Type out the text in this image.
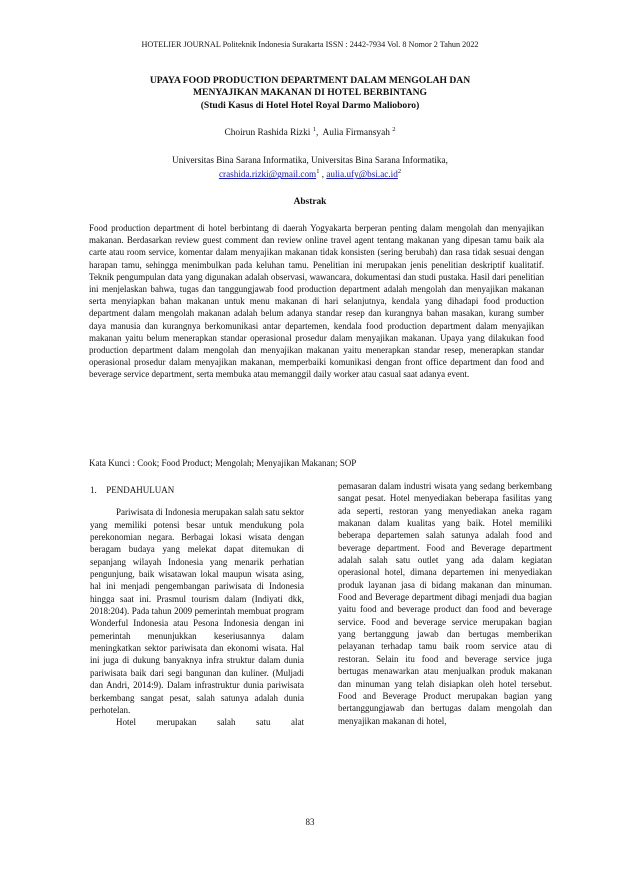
HOTELIER JOURNAL Politeknik Indonesia Surakarta ISSN : 2442-7934 Vol. 8 Nomor 2 Tahun 2022
UPAYA FOOD PRODUCTION DEPARTMENT DALAM MENGOLAH DAN
MENYAJIKAN MAKANAN DI HOTEL BERBINTANG
(Studi Kasus di Hotel Hotel Royal Darmo Malioboro)
Choirun Rashida Rizki $^1$,  Aulia Firmansyah $^2$
Universitas Bina Sarana Informatika, Universitas Bina Sarana Informatika,
crashida.rizki@gmail.com$^1$ , $aulia.ufy@bsi.ac.id^2$
Abstrak
Food production department di hotel berbintang di daerah Yogyakarta berperan penting dalam mengolah dan menyajikan makanan. Berdasarkan review guest comment dan review online travel agent tentang makanan yang dipesan tamu baik ala carte atau room service, komentar dalam menyajikan makanan tidak konsisten (sering berubah) dan rasa tidak sesuai dengan harapan tamu, sehingga menimbulkan pada keluhan tamu. Penelitian ini merupakan jenis penelitian deskriptif kualitatif. Teknik pengumpulan data yang digunakan adalah observasi, wawancara, dokumentasi dan studi pustaka. Hasil dari penelitian ini menjelaskan bahwa, tugas dan tanggungjawab food production department adalah mengolah dan menyajikan makanan serta menyiapkan bahan makanan untuk menu makanan di hari selanjutnya, kendala yang dihadapi food production department dalam mengolah makanan adalah belum adanya standar resep dan kurangnya bahan masakan, kurang sumber daya manusia dan kurangnya berkomunikasi antar departemen, kendala food production department dalam menyajikan makanan yaitu belum menerapkan standar operasional prosedur dalam menyajikan makanan. Upaya yang dilakukan food production department dalam mengolah dan menyajikan makanan yaitu menerapkan standar resep, menerapkan standar operasional prosedur dalam menyajikan makanan, memperbaiki komunikasi dengan front office department dan food and beverage service department, serta membuka atau memanggil daily worker atau casual saat adanya event.
Kata Kunci : Cook; Food Product; Mengolah; Menyajikan Makanan; SOP
1. PENDAHULUAN

Pariwisata di Indonesia merupakan salah satu sektor yang memiliki potensi besar untuk mendukung pola perekonomian negara. Berbagai lokasi wisata dengan beragam budaya yang melekat dapat ditemukan di sepanjang wilayah Indonesia yang menarik perhatian pengunjung, baik wisatawan lokal maupun wisata asing, hal ini menjadi pengembangan pariwisata di Indonesia hingga saat ini. Prasmul tourism dalam (Indiyati dkk, 2018:204). Pada tahun 2009 pemerintah membuat program Wonderful Indonesia atau Pesona Indonesia dengan ini pemerintah menunjukkan keseriusannya dalam meningkatkan sektor pariwisata dan ekonomi wisata. Hal ini juga di dukung banyaknya infra struktur dalam dunia pariwisata baik dari segi bangunan dan kuliner. (Muljadi dan Andri, 2014:9). Dalam infrastruktur dunia pariwisata berkembang sangat pesat, salah satunya adalah dunia perhotelan.

Hotel merupakan salah satu alat

pemasaran dalam industri wisata yang sedang berkembang sangat pesat. Hotel menyediakan beberapa fasilitas yang ada seperti, restoran yang menyediakan aneka ragam makanan dalam kualitas yang baik. Hotel memiliki beberapa departemen salah satunya adalah food and beverage department. Food and Beverage department adalah salah satu outlet yang ada dalam kegiatan operasional hotel, dimana departemen ini menyediakan produk layanan jasa di bidang makanan dan minuman. Food and Beverage department dibagi menjadi dua bagian yaitu food and beverage product dan food and beverage service. Food and beverage service merupakan bagian yang bertanggung jawab dan bertugas memberikan pelayanan terhadap tamu baik room service atau di restoran. Selain itu food and beverage service juga bertugas menawarkan atau menjualkan produk makanan dan minuman yang telah disiapkan oleh hotel tersebut. Food and Beverage Product merupakan bagian yang bertanggungjawab dan bertugas dalam mengolah dan menyajikan makanan di hotel,

83
